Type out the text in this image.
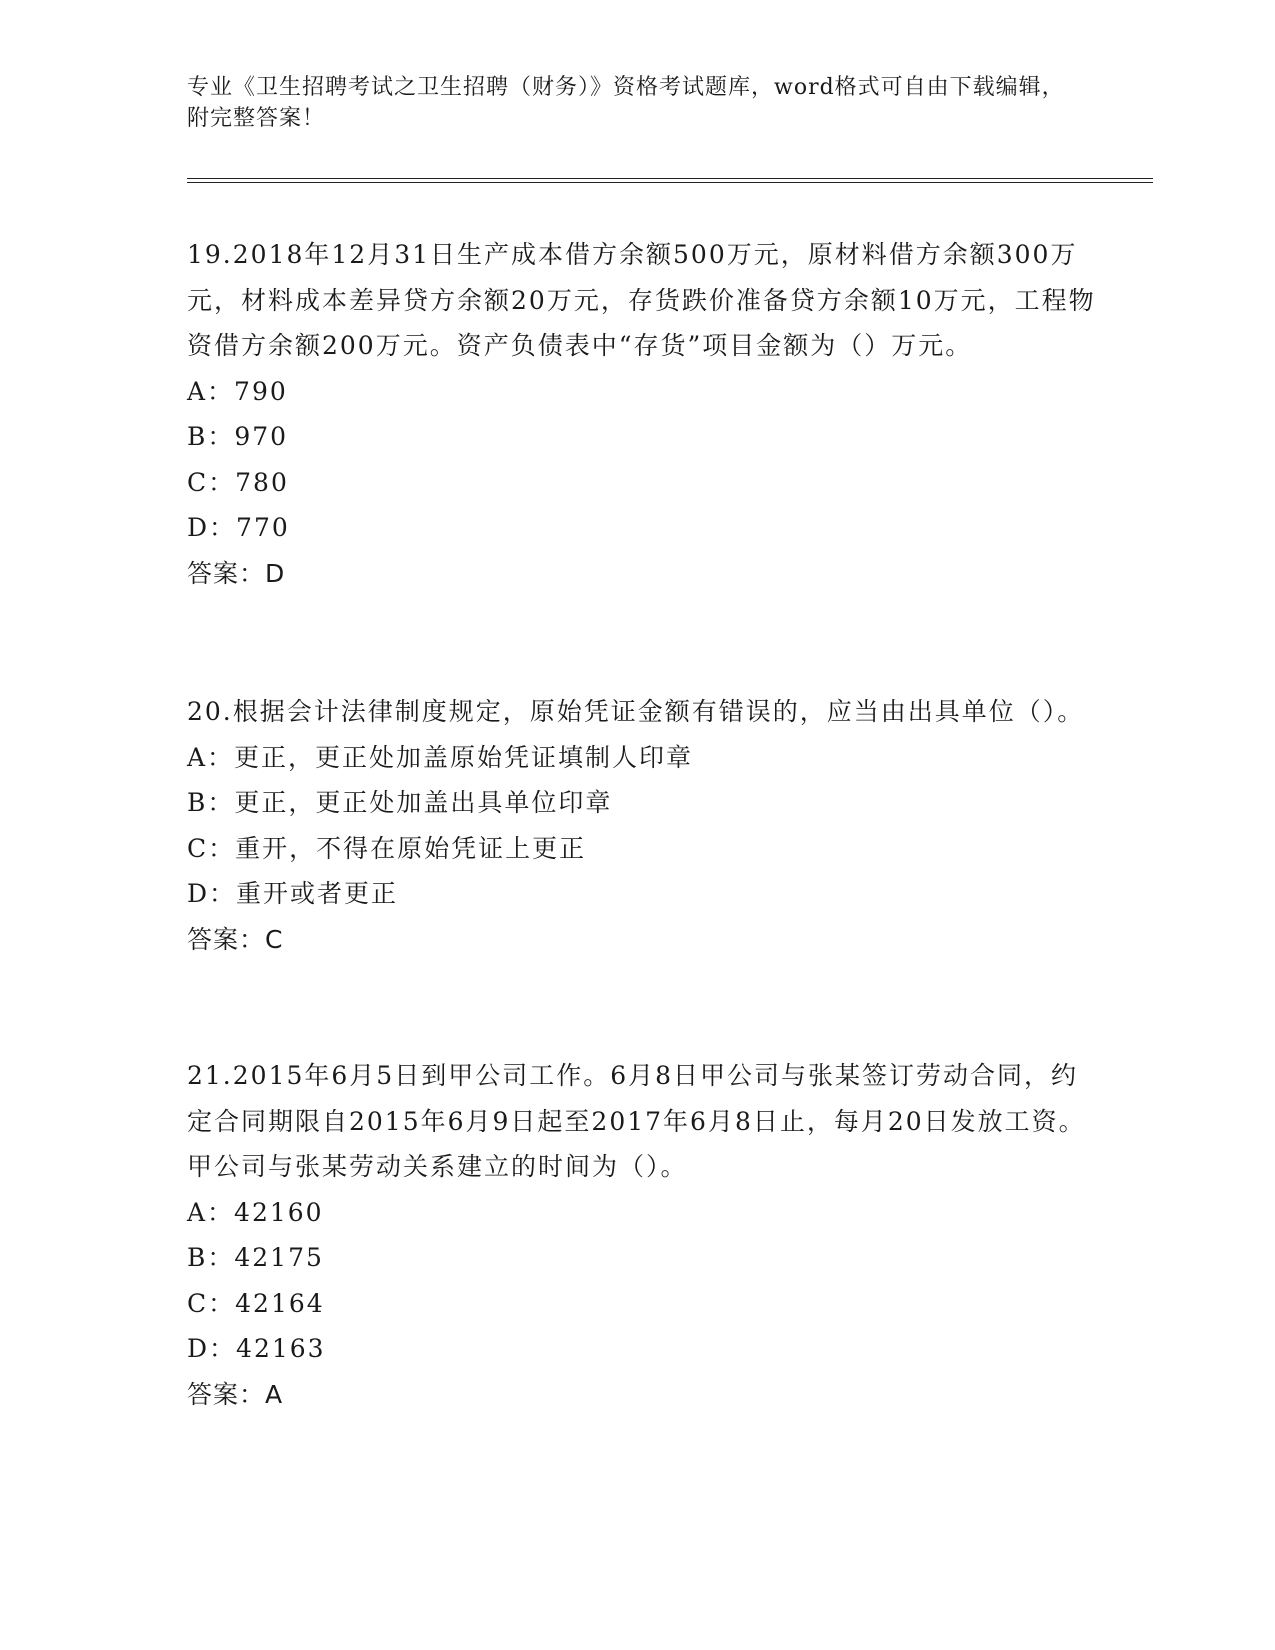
专业《卫生招聘考试之卫生招聘（财务）》资格考试题库，word格式可自由下载编辑，附完整答案！

19.2018年12月31日生产成本借方余额500万元，原材料借方余额300万元，材料成本差异贷方余额20万元，存货跌价准备贷方余额10万元，工程物资借方余额200万元。资产负债表中“存货”项目金额为（）万元。

A：790

B：970

C：780

D：770

答案：D

20.根据会计法律制度规定，原始凭证金额有错误的，应当由出具单位（）。

A：更正，更正处加盖原始凭证填制人印章

B：更正，更正处加盖出具单位印章

C：重开，不得在原始凭证上更正

D：重开或者更正

答案：C

21.2015年6月5日到甲公司工作。6月8日甲公司与张某签订劳动合同，约定合同期限自2015年6月9日起至2017年6月8日止，每月20日发放工资。甲公司与张某劳动关系建立的时间为（）。

A：42160

B：42175

C：42164

D：42163

答案：A
